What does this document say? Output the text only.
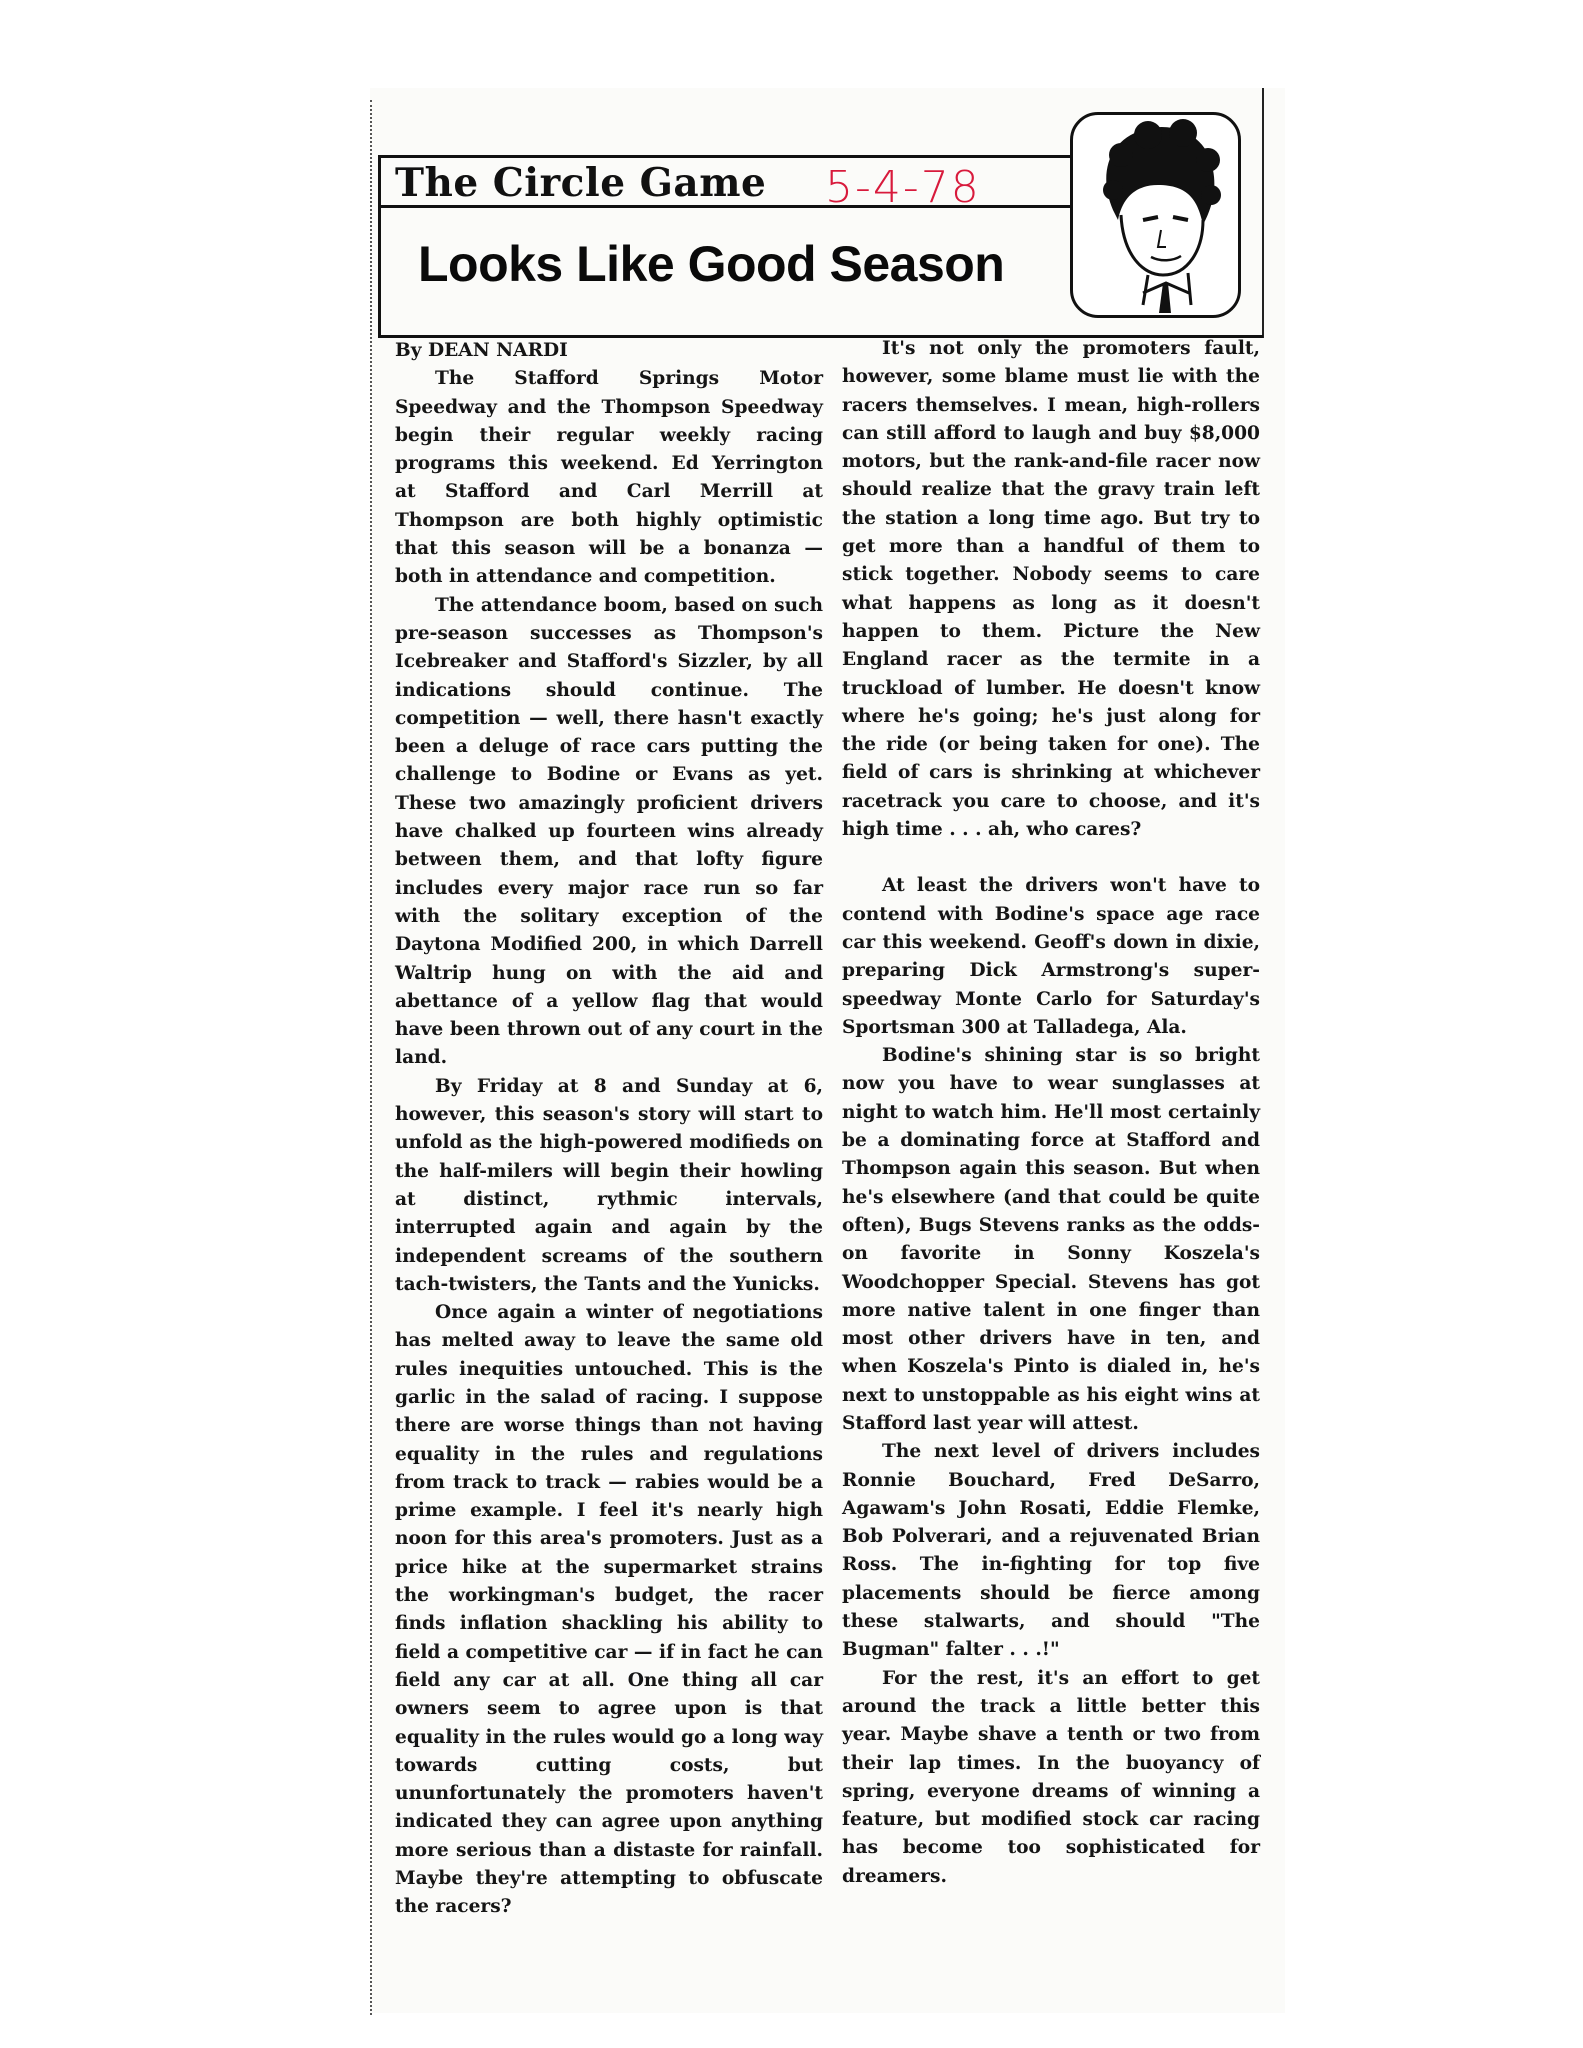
The Circle Game 5-4-78
Looks Like Good Season

By DEAN NARDI

The Stafford Springs Motor Speedway and the Thompson Speedway begin their regular weekly racing programs this weekend. Ed Yerrington at Stafford and Carl Merrill at Thompson are both highly optimistic that this season will be a bonanza — both in attendance and competition.

The attendance boom, based on such pre-season successes as Thompson's Icebreaker and Stafford's Sizzler, by all indications should continue. The competition — well, there hasn't exactly been a deluge of race cars putting the challenge to Bodine or Evans as yet. These two amazingly proficient drivers have chalked up fourteen wins already between them, and that lofty figure includes every major race run so far with the solitary exception of the Daytona Modified 200, in which Darrell Waltrip hung on with the aid and abettance of a yellow flag that would have been thrown out of any court in the land.

By Friday at 8 and Sunday at 6, however, this season's story will start to unfold as the high-powered modifieds on the half-milers will begin their howling at distinct, rythmic intervals, interrupted again and again by the independent screams of the southern tach-twisters, the Tants and the Yunicks.

Once again a winter of negotiations has melted away to leave the same old rules inequities untouched. This is the garlic in the salad of racing. I suppose there are worse things than not having equality in the rules and regulations from track to track — rabies would be a prime example. I feel it's nearly high noon for this area's promoters. Just as a price hike at the supermarket strains the workingman's budget, the racer finds inflation shackling his ability to field a competitive car — if in fact he can field any car at all. One thing all car owners seem to agree upon is that equality in the rules would go a long way towards cutting costs, but ununfortunately the promoters haven't indicated they can agree upon anything more serious than a distaste for rainfall. Maybe they're attempting to obfuscate the racers?

It's not only the promoters fault, however, some blame must lie with the racers themselves. I mean, high-rollers can still afford to laugh and buy $8,000 motors, but the rank-and-file racer now should realize that the gravy train left the station a long time ago. But try to get more than a handful of them to stick together. Nobody seems to care what happens as long as it doesn't happen to them. Picture the New England racer as the termite in a truckload of lumber. He doesn't know where he's going; he's just along for the ride (or being taken for one). The field of cars is shrinking at whichever racetrack you care to choose, and it's high time . . . ah, who cares?

At least the drivers won't have to contend with Bodine's space age race car this weekend. Geoff's down in dixie, preparing Dick Armstrong's super-speedway Monte Carlo for Saturday's Sportsman 300 at Talladega, Ala.

Bodine's shining star is so bright now you have to wear sunglasses at night to watch him. He'll most certainly be a dominating force at Stafford and Thompson again this season. But when he's elsewhere (and that could be quite often), Bugs Stevens ranks as the odds-on favorite in Sonny Koszela's Woodchopper Special. Stevens has got more native talent in one finger than most other drivers have in ten, and when Koszela's Pinto is dialed in, he's next to unstoppable as his eight wins at Stafford last year will attest.

The next level of drivers includes Ronnie Bouchard, Fred DeSarro, Agawam's John Rosati, Eddie Flemke, Bob Polverari, and a rejuvenated Brian Ross. The in-fighting for top five placements should be fierce among these stalwarts, and should "The Bugman" falter . . .!"

For the rest, it's an effort to get around the track a little better this year. Maybe shave a tenth or two from their lap times. In the buoyancy of spring, everyone dreams of winning a feature, but modified stock car racing has become too sophisticated for dreamers.
